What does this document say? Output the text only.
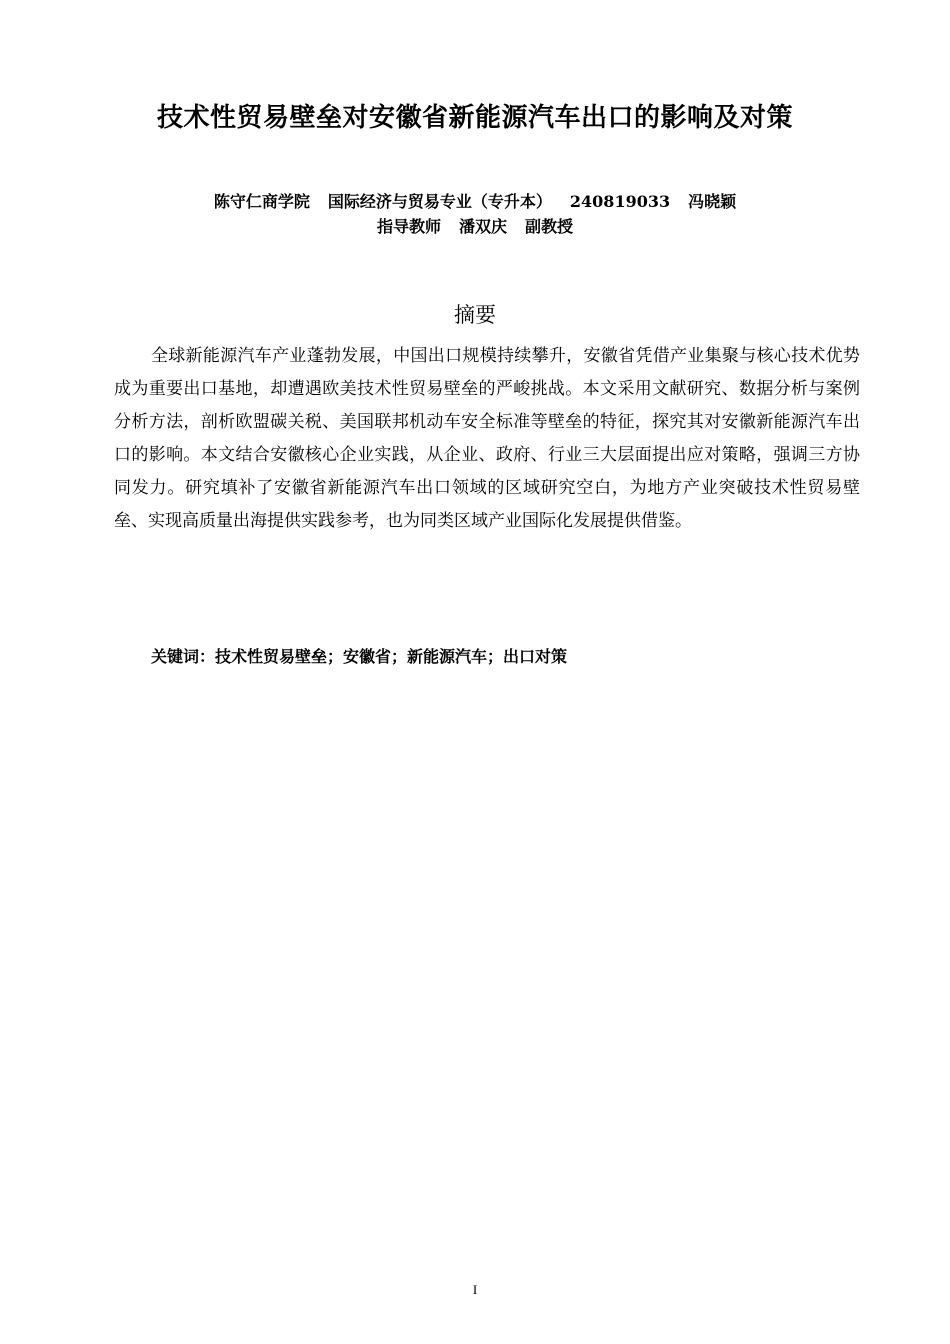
技术性贸易壁垒对安徽省新能源汽车出口的影响及对策
陈守仁商学院 国际经济与贸易专业（专升本） 240819033 冯晓颖
指导教师 潘双庆 副教授
摘要

全球新能源汽车产业蓬勃发展，中国出口规模持续攀升，安徽省凭借产业集聚与核心技术优势成为重要出口基地，却遭遇欧美技术性贸易壁垒的严峻挑战。本文采用文献研究、数据分析与案例分析方法，剖析欧盟碳关税、美国联邦机动车安全标准等壁垒的特征，探究其对安徽新能源汽车出口的影响。本文结合安徽核心企业实践，从企业、政府、行业三大层面提出应对策略，强调三方协同发力。研究填补了安徽省新能源汽车出口领域的区域研究空白，为地方产业突破技术性贸易壁垒、实现高质量出海提供实践参考，也为同类区域产业国际化发展提供借鉴。

关键词：技术性贸易壁垒；安徽省；新能源汽车；出口对策
I
